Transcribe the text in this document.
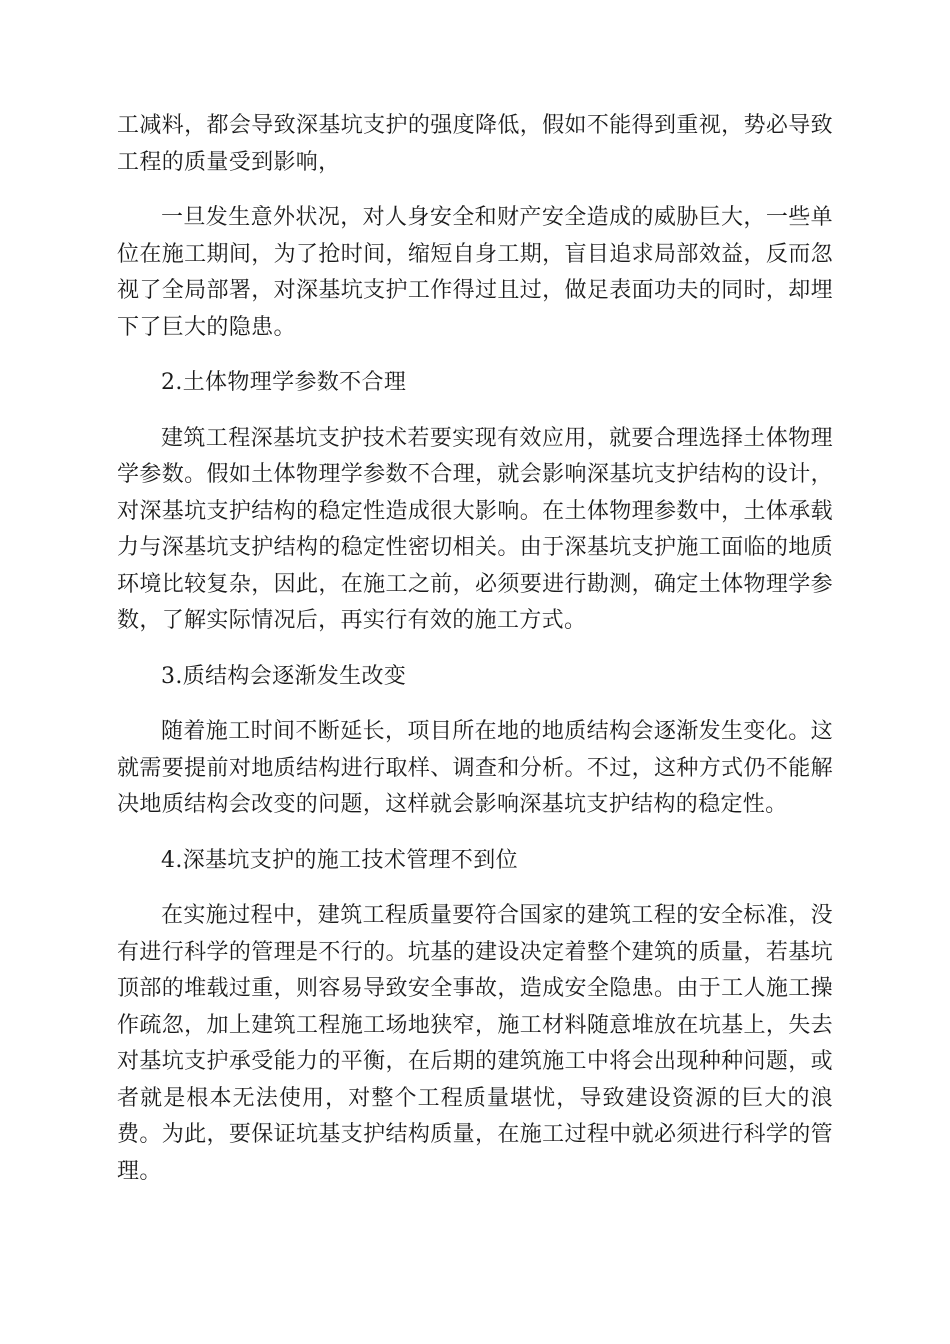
工减料，都会导致深基坑支护的强度降低，假如不能得到重视，势必导致工程的质量受到影响，

一旦发生意外状况，对人身安全和财产安全造成的威胁巨大，一些单位在施工期间，为了抢时间，缩短自身工期，盲目追求局部效益，反而忽视了全局部署，对深基坑支护工作得过且过，做足表面功夫的同时，却埋下了巨大的隐患。

2.土体物理学参数不合理

建筑工程深基坑支护技术若要实现有效应用，就要合理选择土体物理学参数。假如土体物理学参数不合理，就会影响深基坑支护结构的设计，对深基坑支护结构的稳定性造成很大影响。在土体物理参数中，土体承载力与深基坑支护结构的稳定性密切相关。由于深基坑支护施工面临的地质环境比较复杂，因此，在施工之前，必须要进行勘测，确定土体物理学参数，了解实际情况后，再实行有效的施工方式。

3.质结构会逐渐发生改变

随着施工时间不断延长，项目所在地的地质结构会逐渐发生变化。这就需要提前对地质结构进行取样、调查和分析。不过，这种方式仍不能解决地质结构会改变的问题，这样就会影响深基坑支护结构的稳定性。

4.深基坑支护的施工技术管理不到位

在实施过程中，建筑工程质量要符合国家的建筑工程的安全标准，没有进行科学的管理是不行的。坑基的建设决定着整个建筑的质量，若基坑顶部的堆载过重，则容易导致安全事故，造成安全隐患。由于工人施工操作疏忽，加上建筑工程施工场地狭窄，施工材料随意堆放在坑基上，失去对基坑支护承受能力的平衡，在后期的建筑施工中将会出现种种问题，或者就是根本无法使用，对整个工程质量堪忧，导致建设资源的巨大的浪费。为此，要保证坑基支护结构质量，在施工过程中就必须进行科学的管理。
